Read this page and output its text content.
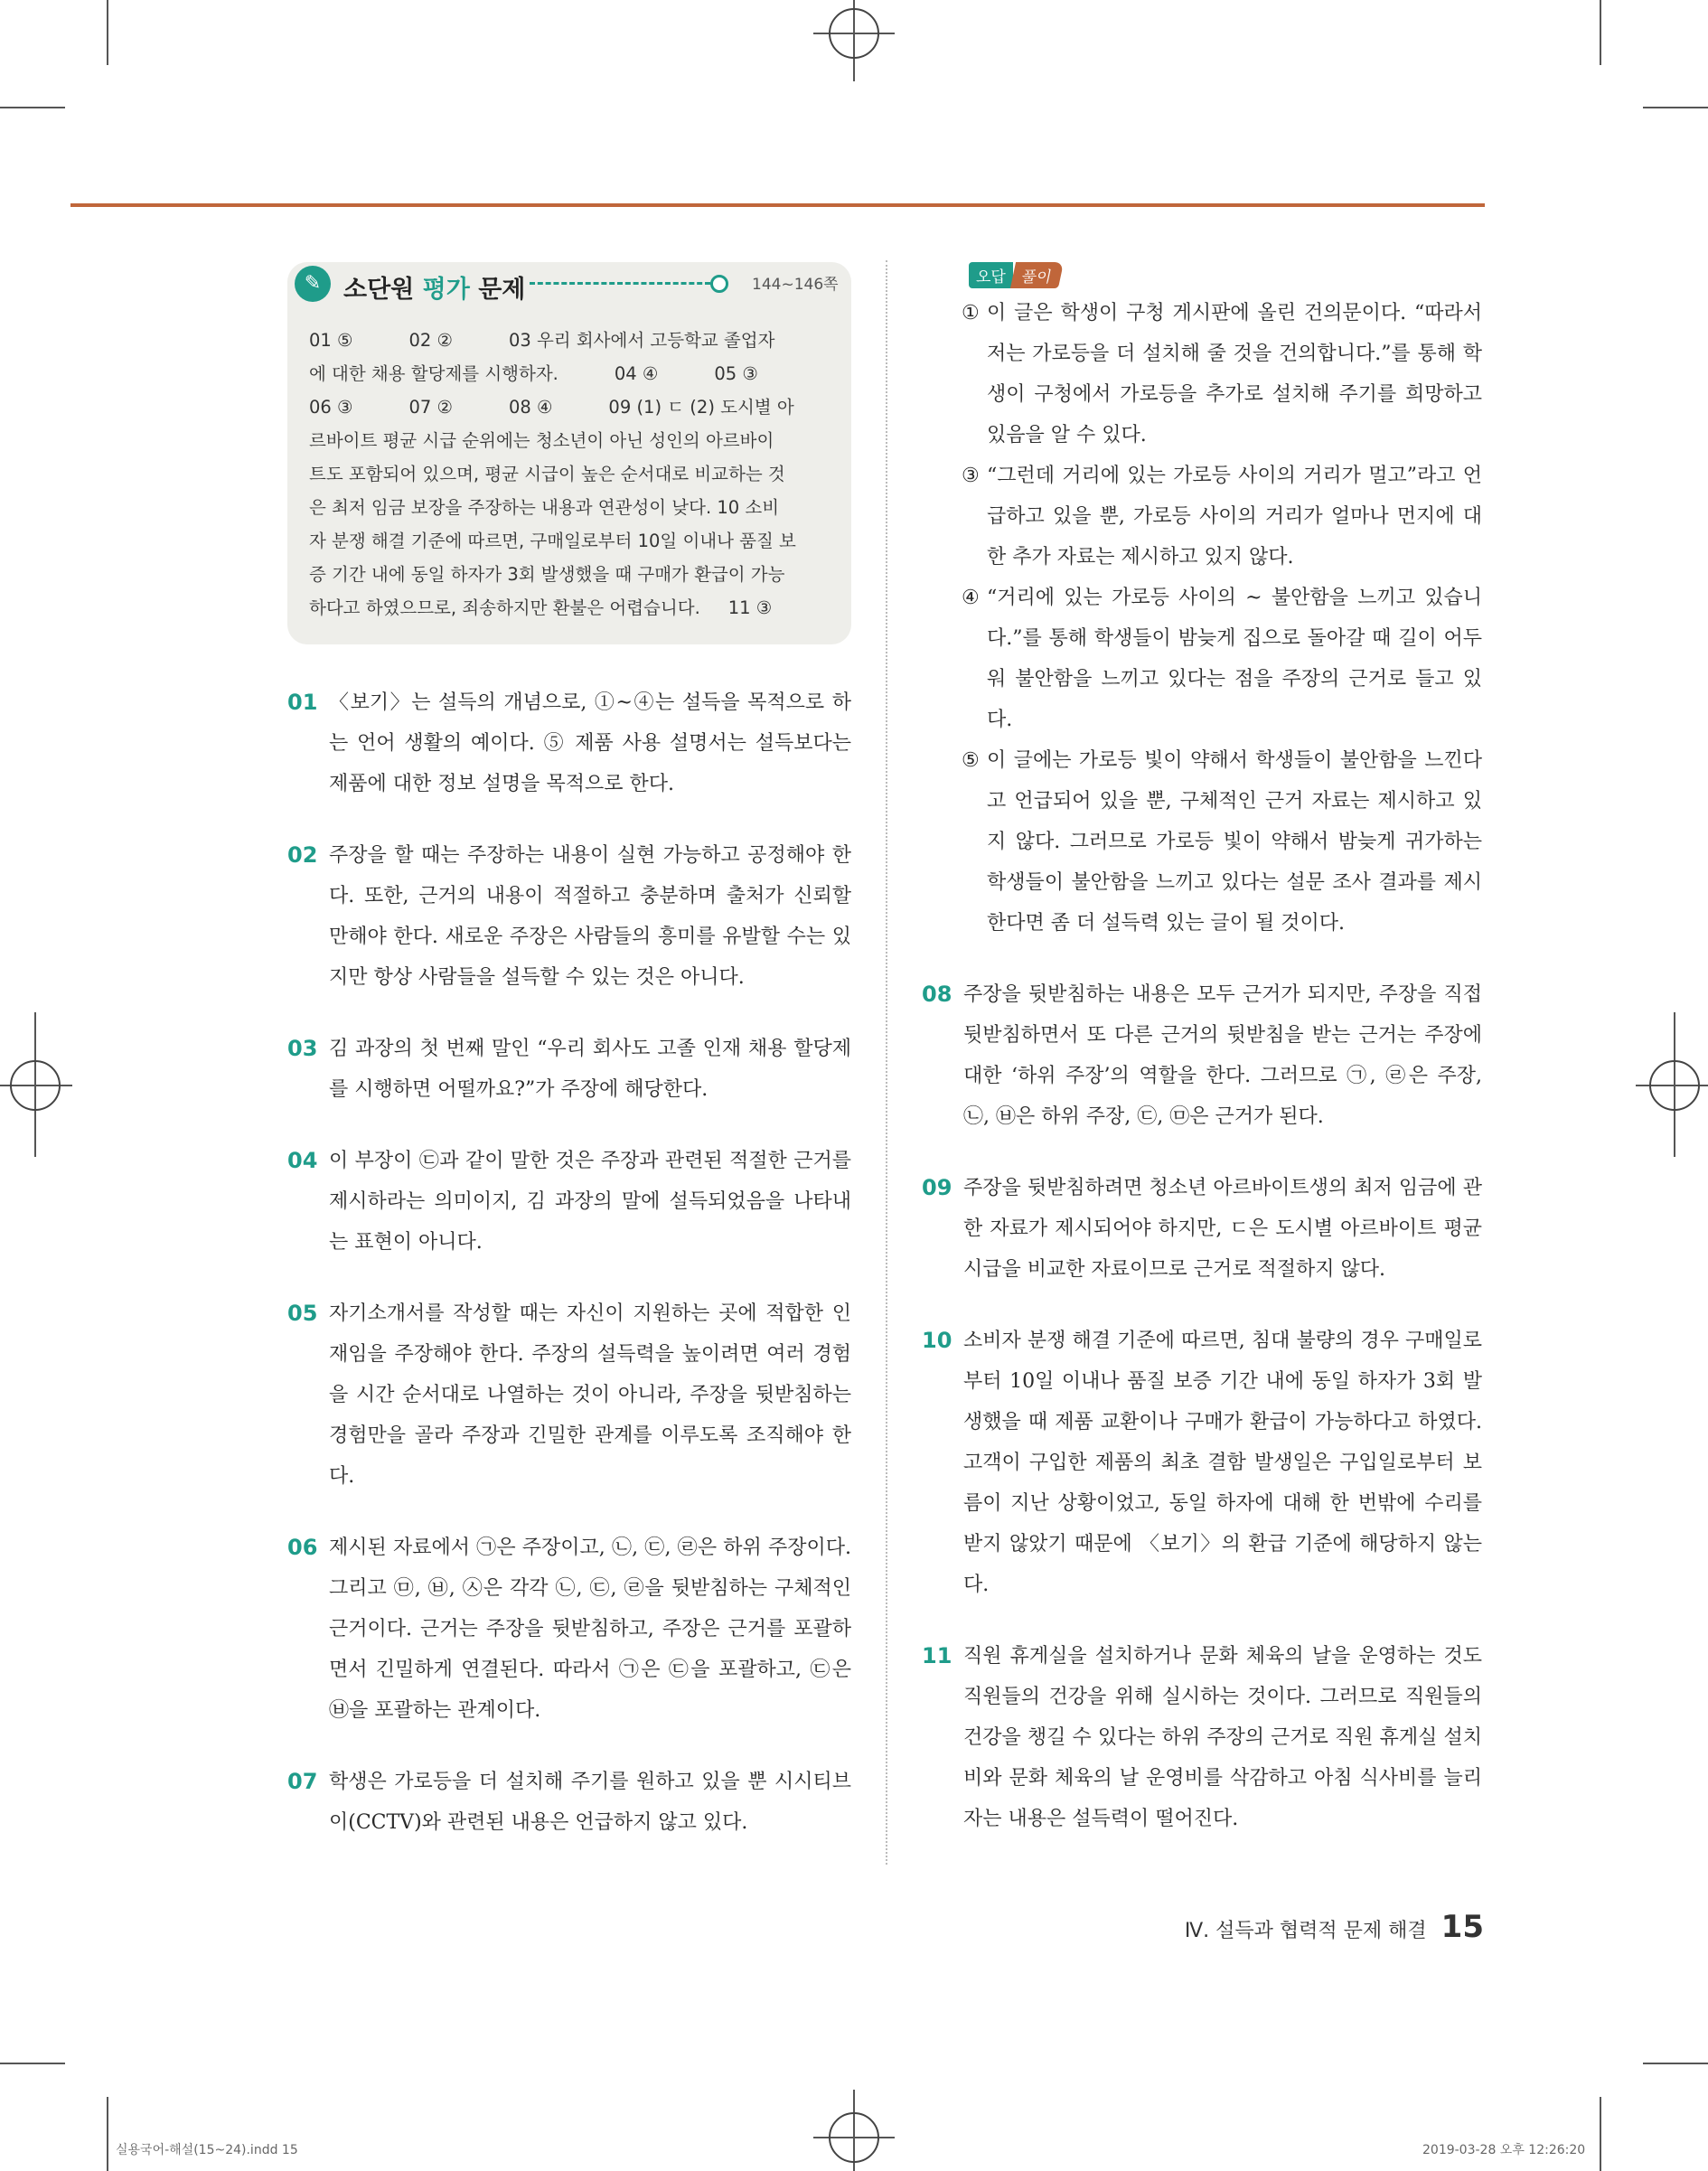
✎ 소단원 평가 문제	144~146쪽
01 ⑤          02 ②          03 우리 회사에서 고등학교 졸업자
에 대한 채용 할당제를 시행하자.          04 ④          05 ③
06 ③          07 ②          08 ④          09 (1) ㄷ (2) 도시별 아
르바이트 평균 시급 순위에는 청소년이 아닌 성인의 아르바이
트도 포함되어 있으며, 평균 시급이 높은 순서대로 비교하는 것
은 최저 임금 보장을 주장하는 내용과 연관성이 낮다. 10 소비
자 분쟁 해결 기준에 따르면, 구매일로부터 10일 이내나 품질 보
증 기간 내에 동일 하자가 3회 발생했을 때 구매가 환급이 가능
하다고 하였으므로, 죄송하지만 환불은 어렵습니다.     11 ③
01 〈보기〉는 설득의 개념으로, ①~④는 설득을 목적으로 하는 언어 생활의 예이다. ⑤ 제품 사용 설명서는 설득보다는 제품에 대한 정보 설명을 목적으로 한다.
02 주장을 할 때는 주장하는 내용이 실현 가능하고 공정해야 한다. 또한, 근거의 내용이 적절하고 충분하며 출처가 신뢰할 만해야 한다. 새로운 주장은 사람들의 흥미를 유발할 수는 있지만 항상 사람들을 설득할 수 있는 것은 아니다.
03 김 과장의 첫 번째 말인 “우리 회사도 고졸 인재 채용 할당제를 시행하면 어떨까요?”가 주장에 해당한다.
04 이 부장이 ㉢과 같이 말한 것은 주장과 관련된 적절한 근거를 제시하라는 의미이지, 김 과장의 말에 설득되었음을 나타내는 표현이 아니다.
05 자기소개서를 작성할 때는 자신이 지원하는 곳에 적합한 인재임을 주장해야 한다. 주장의 설득력을 높이려면 여러 경험을 시간 순서대로 나열하는 것이 아니라, 주장을 뒷받침하는 경험만을 골라 주장과 긴밀한 관계를 이루도록 조직해야 한다.
06 제시된 자료에서 ㉠은 주장이고, ㉡, ㉢, ㉣은 하위 주장이다. 그리고 ㉤, ㉥, ㉦은 각각 ㉡, ㉢, ㉣을 뒷받침하는 구체적인 근거이다. 근거는 주장을 뒷받침하고, 주장은 근거를 포괄하면서 긴밀하게 연결된다. 따라서 ㉠은 ㉢을 포괄하고, ㉢은 ㉥을 포괄하는 관계이다.
07 학생은 가로등을 더 설치해 주기를 원하고 있을 뿐 시시티브이(CCTV)와 관련된 내용은 언급하지 않고 있다.
오답 풀이
① 이 글은 학생이 구청 게시판에 올린 건의문이다. “따라서 저는 가로등을 더 설치해 줄 것을 건의합니다.”를 통해 학생이 구청에서 가로등을 추가로 설치해 주기를 희망하고 있음을 알 수 있다.

③ “그런데 거리에 있는 가로등 사이의 거리가 멀고”라고 언급하고 있을 뿐, 가로등 사이의 거리가 얼마나 먼지에 대한 추가 자료는 제시하고 있지 않다.

④ “거리에 있는 가로등 사이의 ~ 불안함을 느끼고 있습니다.”를 통해 학생들이 밤늦게 집으로 돌아갈 때 길이 어두워 불안함을 느끼고 있다는 점을 주장의 근거로 들고 있다.

⑤ 이 글에는 가로등 빛이 약해서 학생들이 불안함을 느낀다고 언급되어 있을 뿐, 구체적인 근거 자료는 제시하고 있지 않다. 그러므로 가로등 빛이 약해서 밤늦게 귀가하는 학생들이 불안함을 느끼고 있다는 설문 조사 결과를 제시한다면 좀 더 설득력 있는 글이 될 것이다.

08 주장을 뒷받침하는 내용은 모두 근거가 되지만, 주장을 직접 뒷받침하면서 또 다른 근거의 뒷받침을 받는 근거는 주장에 대한 ‘하위 주장’의 역할을 한다. 그러므로 ㉠, ㉣은 주장, ㉡, ㉥은 하위 주장, ㉢, ㉤은 근거가 된다.
09 주장을 뒷받침하려면 청소년 아르바이트생의 최저 임금에 관한 자료가 제시되어야 하지만, ㄷ은 도시별 아르바이트 평균 시급을 비교한 자료이므로 근거로 적절하지 않다.
10 소비자 분쟁 해결 기준에 따르면, 침대 불량의 경우 구매일로부터 10일 이내나 품질 보증 기간 내에 동일 하자가 3회 발생했을 때 제품 교환이나 구매가 환급이 가능하다고 하였다. 고객이 구입한 제품의 최초 결함 발생일은 구입일로부터 보름이 지난 상황이었고, 동일 하자에 대해 한 번밖에 수리를 받지 않았기 때문에 〈보기〉의 환급 기준에 해당하지 않는다.
11 직원 휴게실을 설치하거나 문화 체육의 날을 운영하는 것도 직원들의 건강을 위해 실시하는 것이다. 그러므로 직원들의 건강을 챙길 수 있다는 하위 주장의 근거로 직원 휴게실 설치비와 문화 체육의 날 운영비를 삭감하고 아침 식사비를 늘리자는 내용은 설득력이 떨어진다.
Ⅳ. 설득과 협력적 문제 해결 15
실용국어-해설(15~24).indd 15	2019-03-28 오후 12:26:20
